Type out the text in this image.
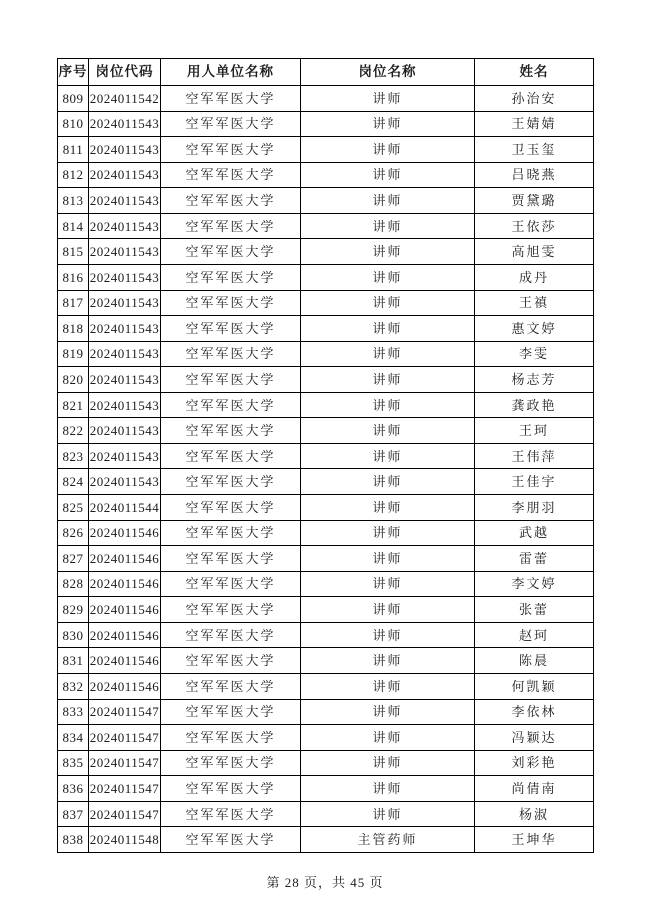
序号	岗位代码	用人单位名称	岗位名称	姓名
809	2024011542	空军军医大学	讲师	孙治安
810	2024011543	空军军医大学	讲师	王婧婧
811	2024011543	空军军医大学	讲师	卫玉玺
812	2024011543	空军军医大学	讲师	吕晓燕
813	2024011543	空军军医大学	讲师	贾黛璐
814	2024011543	空军军医大学	讲师	王依莎
815	2024011543	空军军医大学	讲师	高旭雯
816	2024011543	空军军医大学	讲师	成丹
817	2024011543	空军军医大学	讲师	王禛
818	2024011543	空军军医大学	讲师	惠文婷
819	2024011543	空军军医大学	讲师	李雯
820	2024011543	空军军医大学	讲师	杨志芳
821	2024011543	空军军医大学	讲师	龚政艳
822	2024011543	空军军医大学	讲师	王珂
823	2024011543	空军军医大学	讲师	王伟萍
824	2024011543	空军军医大学	讲师	王佳宇
825	2024011544	空军军医大学	讲师	李朋羽
826	2024011546	空军军医大学	讲师	武越
827	2024011546	空军军医大学	讲师	雷蕾
828	2024011546	空军军医大学	讲师	李文婷
829	2024011546	空军军医大学	讲师	张蕾
830	2024011546	空军军医大学	讲师	赵珂
831	2024011546	空军军医大学	讲师	陈晨
832	2024011546	空军军医大学	讲师	何凯颖
833	2024011547	空军军医大学	讲师	李依林
834	2024011547	空军军医大学	讲师	冯颖达
835	2024011547	空军军医大学	讲师	刘彩艳
836	2024011547	空军军医大学	讲师	尚倩南
837	2024011547	空军军医大学	讲师	杨淑
838	2024011548	空军军医大学	主管药师	王坤华
第 28 页，共 45 页
